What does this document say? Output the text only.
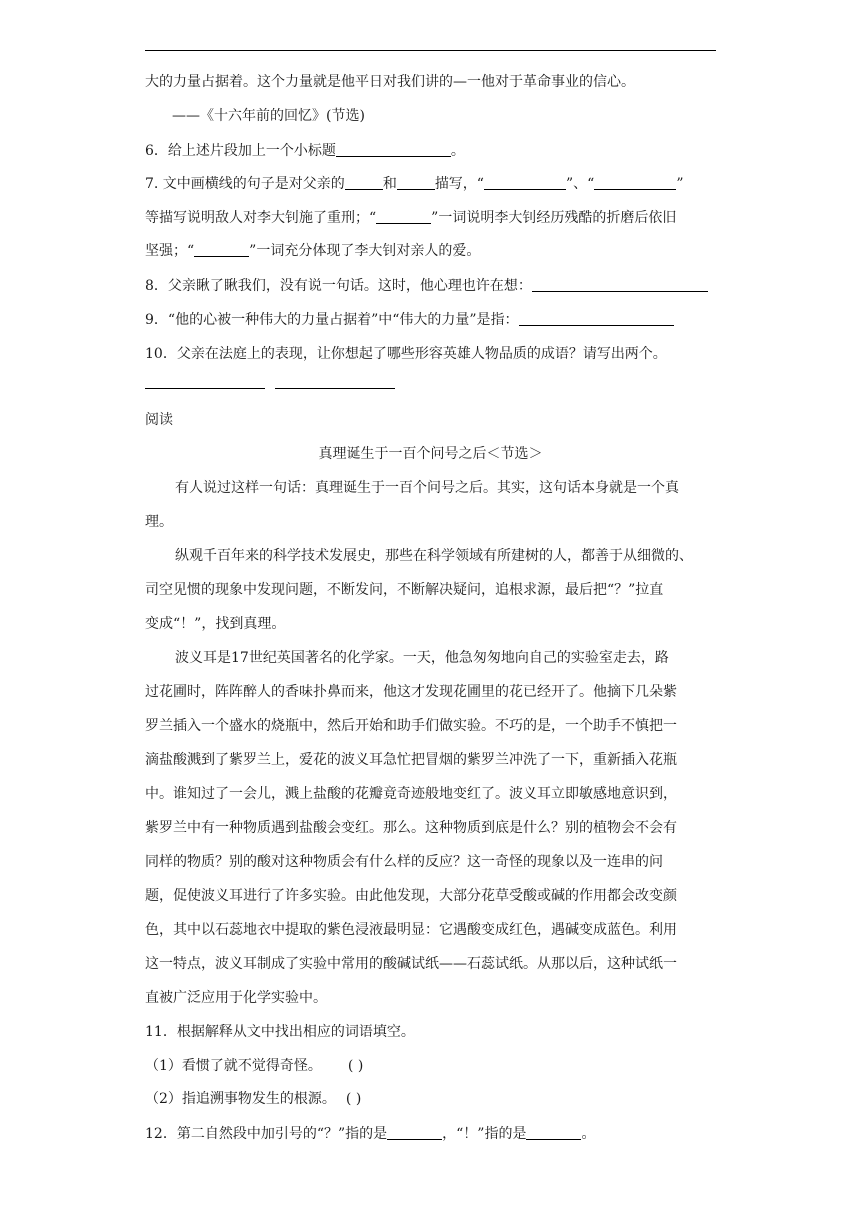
大的力量占据着。这个力量就是他平日对我们讲的—一他对于革命事业的信心。
——《十六年前的回忆》(节选)
6．给上述片段加上一个小标题	。
7. 文中画横线的句子是对父亲的	和	描写，“	”、“	”
等描写说明敌人对李大钊施了重刑；“	”一词说明李大钊经历残酷的折磨后依旧
坚强；“	”一词充分体现了李大钊对亲人的爱。
8．父亲瞅了瞅我们，没有说一句话。这时，他心理也许在想：
9．“他的心被一种伟大的力量占据着”中“伟大的力量”是指：
10．父亲在法庭上的表现，让你想起了哪些形容英雄人物品质的成语？请写出两个。
阅读
真理诞生于一百个问号之后＜节选＞
有人说过这样一句话：真理诞生于一百个问号之后。其实，这句话本身就是一个真
理。
纵观千百年来的科学技术发展史，那些在科学领域有所建树的人，都善于从细微的、
司空见惯的现象中发现问题，不断发问，不断解决疑问，追根求源，最后把“？”拉直
变成“！”，找到真理。
波义耳是17世纪英国著名的化学家。一天，他急匆匆地向自己的实验室走去，路
过花圃时，阵阵醉人的香味扑鼻而来，他这才发现花圃里的花已经开了。他摘下几朵紫
罗兰插入一个盛水的烧瓶中，然后开始和助手们做实验。不巧的是，一个助手不慎把一
滴盐酸溅到了紫罗兰上，爱花的波义耳急忙把冒烟的紫罗兰冲洗了一下，重新插入花瓶
中。谁知过了一会儿，溅上盐酸的花瓣竟奇迹般地变红了。波义耳立即敏感地意识到，
紫罗兰中有一种物质遇到盐酸会变红。那么。这种物质到底是什么？别的植物会不会有
同样的物质？别的酸对这种物质会有什么样的反应？这一奇怪的现象以及一连串的问
题，促使波义耳进行了许多实验。由此他发现，大部分花草受酸或碱的作用都会改变颜
色，其中以石蕊地衣中提取的紫色浸液最明显：它遇酸变成红色，遇碱变成蓝色。利用
这一特点，波义耳制成了实验中常用的酸碱试纸——石蕊试纸。从那以后，这种试纸一
直被广泛应用于化学实验中。
11．根据解释从文中找出相应的词语填空。
（1）看惯了就不觉得奇怪。 ( )
（2）指追溯事物发生的根源。 ( )
12．第二自然段中加引号的“？”指的是	，“！”指的是	。
